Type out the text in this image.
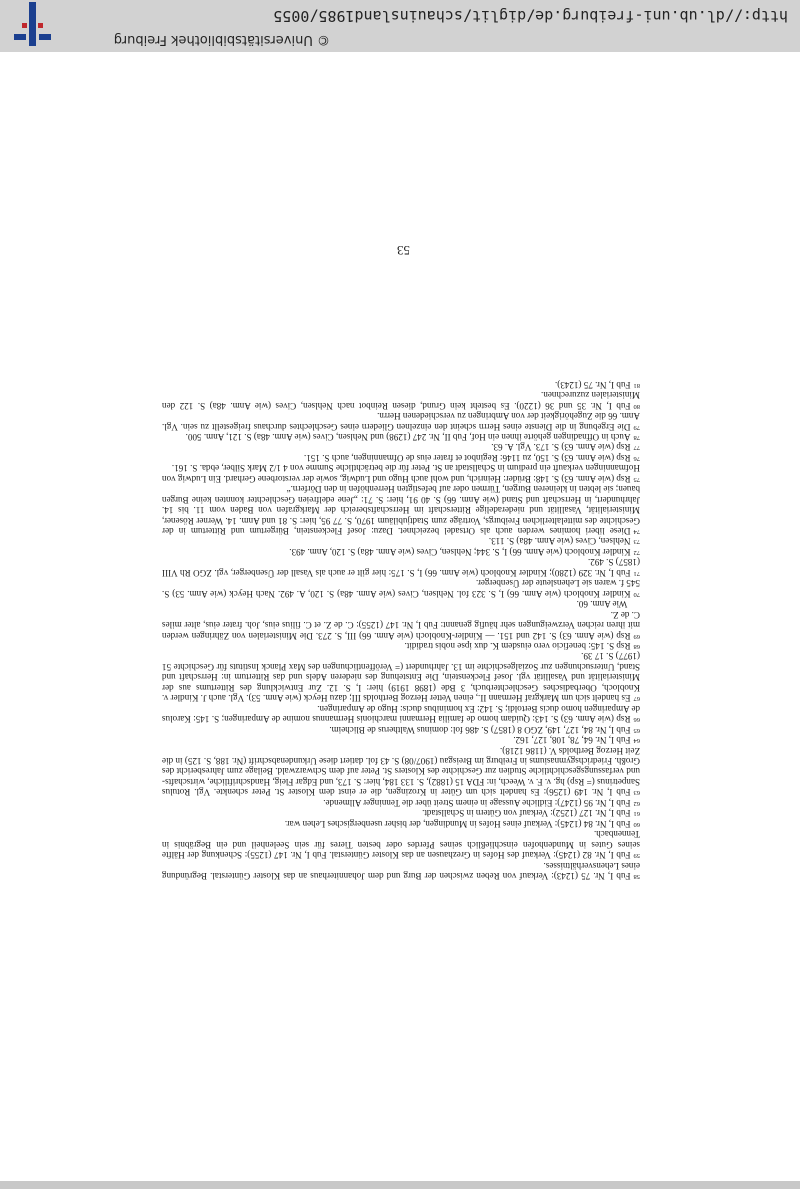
$^{58}$Fub I, Nr. 75 (1243): Verkauf von Reben zwischen der Burg und dem Johanniterhaus an das Kloster Günterstal. Begründung eines Lehensverhältnisses.

$^{59}$Fub I, Nr. 82 (1245): Verkauf des Hofes in Grezhausen an das Kloster Günterstal. Fub I, Nr. 147 (1255): Schenkung der Hälfte seines Gutes in Mundenhofen einschließlich seines Pferdes oder besten Tieres für sein Seelenheil und ein Begräbnis in Tennenbach.

$^{60}$Fub I, Nr. 84 (1245): Verkauf eines Hofes in Mundingen, der bisher usenbergisches Lehen war.

$^{61}$Fub I, Nr. 127 (1252): Verkauf von Gütern in Schallstadt.

$^{62}$Fub I, Nr. 95 (1247): Eidliche Aussage in einem Streit über die Tenninger Allmende.

$^{63}$Fub I, Nr. 149 (1256): Es handelt sich um Güter in Krozingen, die er einst dem Kloster St. Peter schenkte. Vgl. Rotulus Sanpetrinus (= Rsp) hg. v. F. v. Weech, in: FDA 15 (1882), S. 133 184, hier: S. 173, und Edgar Fleig, Handschriftliche, wirtschafts- und verfassungsgeschichtliche Studien zur Geschichte des Klosters St. Peter auf dem Schwarzwald. Beilage zum Jahresbericht des Großh. Friedrichsgymnasiums in Freiburg im Breisgau (1907/08) S. 43 fol. datiert diese Urkundenabschrift (Nr. 188, S. 125) in die Zeit Herzog Bertholds V. (1186 1218).

$^{64}$Fub I, Nr. 64, 78, 108, 127, 162.

$^{65}$Fub I, Nr. 84, 127, 149, ZGO 8 (1857) S. 486 fol: dominus Waltherus de Blicheim.

$^{66}$Rsp (wie Anm. 63) S. 143: Quidam homo de familia Hermanni marchionis Hermannus nomine de Amparingen; S. 145: Karolus de Amparingen homo ducis Bertoldi; S. 142: Ex hominibus ducis: Hugo de Amparingen.

$^{67}$Es handelt sich um Markgraf Hermann II., einen Vetter Herzog Bertholds III; dazu Heyck (wie Anm. 53). Vgl. auch J. Kindler v. Knobloch, Oberbadisches Geschlechterbuch, 3 Bde (1898 1919) hier: I, S. 12. Zur Entwicklung des Rittertums aus der Ministerialität und Vasallität vgl. Josef Fleckenstein, Die Entstehung des niederen Adels und das Rittertum in: Herrschaft und Stand, Untersuchungen zur Sozialgeschichte im 13. Jahrhundert (= Veröffentlichungen des Max Planck Instituts für Geschichte 51 (1977) S. 17 39.

$^{68}$Rsp S. 145: beneficio vero eiusdem K. dux ipse nobis tradidit.

$^{69}$Rsp (wie Anm. 63) S. 142 und 151. — Kindler-Knobloch (wie Anm. 66) III, S. 273. Die Ministerialen von Zähringen werden mit ihren reichen Verzweigungen sehr häufig genannt: Fub I, Nr. 147 (1255): C. de Z. et C. filius eius, Joh. frater eius, alter miles C. de Z.

Wie Anm. 60.

$^{70}$Kindler Knobloch (wie Anm. 66) I, S. 323 fol. Nehlsen, Cives (wie Anm. 48a) S. 120, A. 492. Nach Heyck (wie Anm. 53) S. 545 f. waren sie Lehensleute der Üsenberger.

$^{71}$Fub I, Nr. 329 (1280); Kindler Knobloch (wie Anm. 66) I, S. 175: hier gilt er auch als Vasall der Üsenberger, vgl. ZGO Rh VIII (1857) S. 492.

$^{72}$Kindler Knobloch (wie Anm. 66) I, S. 344; Nehlsen, Cives (wie Anm. 48a) S. 120, Anm. 493.

$^{73}$Nehlsen, Cives (wie Anm. 48a) S. 113.

$^{74}$Diese liberi homines werden auch als Ortsadel bezeichnet. Dazu: Josef Fleckenstein, Bürgertum und Rittertum in der Geschichte des mittelalterlichen Freiburgs, Vorträge zum Stadtjubiläum 1970, S. 77 95, hier: S. 81 und Anm. 14. Werner Rösener, Ministerialität, Vasallität und niederadelige Ritterschaft im Herrschaftsbereich der Markgrafen von Baden vom 11. bis 14. Jahrhundert, in Herrschaft und Stand (wie Anm. 66) S. 40 91, hier: S. 71: „Jene edelfreien Geschlechter konnten keine Burgen bauen; sie lebten in kleineren Burgen, Türmen oder auf befestigten Herrenhöfen in den Dörfern.“

$^{75}$Rsp (wie Anm. 63) S. 148: Brüder: Heinrich, und wohl auch Hugo und Ludwig, sowie der verstorbene Gerhard. Ein Ludwig von Hofmanningen verkauft ein predium in Schallstadt an St. Peter für die beträchtliche Summe von 4 1/2 Mark Silber, ebda. S. 161.

$^{76}$Rsp (wie Anm. 63) S. 150, zu 1146: Reginbot et frater eius de Ofmanningen, auch S. 151.

$^{77}$Rsp (wie Anm. 63) S. 173. Vgl. A. 63.

$^{78}$Auch in Offnadingen gehörte ihnen ein Hof, Fub II, Nr. 247 (1298) und Nehlsen, Cives (wie Anm. 48a) S. 121, Anm. 500.

$^{79}$Die Ergebung in die Dienste eines Herrn scheint den einzelnen Gliedern eines Geschlechtes durchaus freigestellt zu sein. Vgl. Anm. 66 die Zugehörigkeit der von Ambringen zu verschiedenen Herrn.

$^{80}$Fub I, Nr. 35 und 36 (1220). Es besteht kein Grund, diesen Reinbot nach Nehlsen, Cives (wie Anm. 48a) S. 122 den Ministerialen zuzurechnen.

$^{81}$Fub I, Nr. 75 (1243).

53
http://dl.ub.uni-freiburg.de/diglit/schauinsland1985/0055
© Universitätsbibliothek Freiburg
